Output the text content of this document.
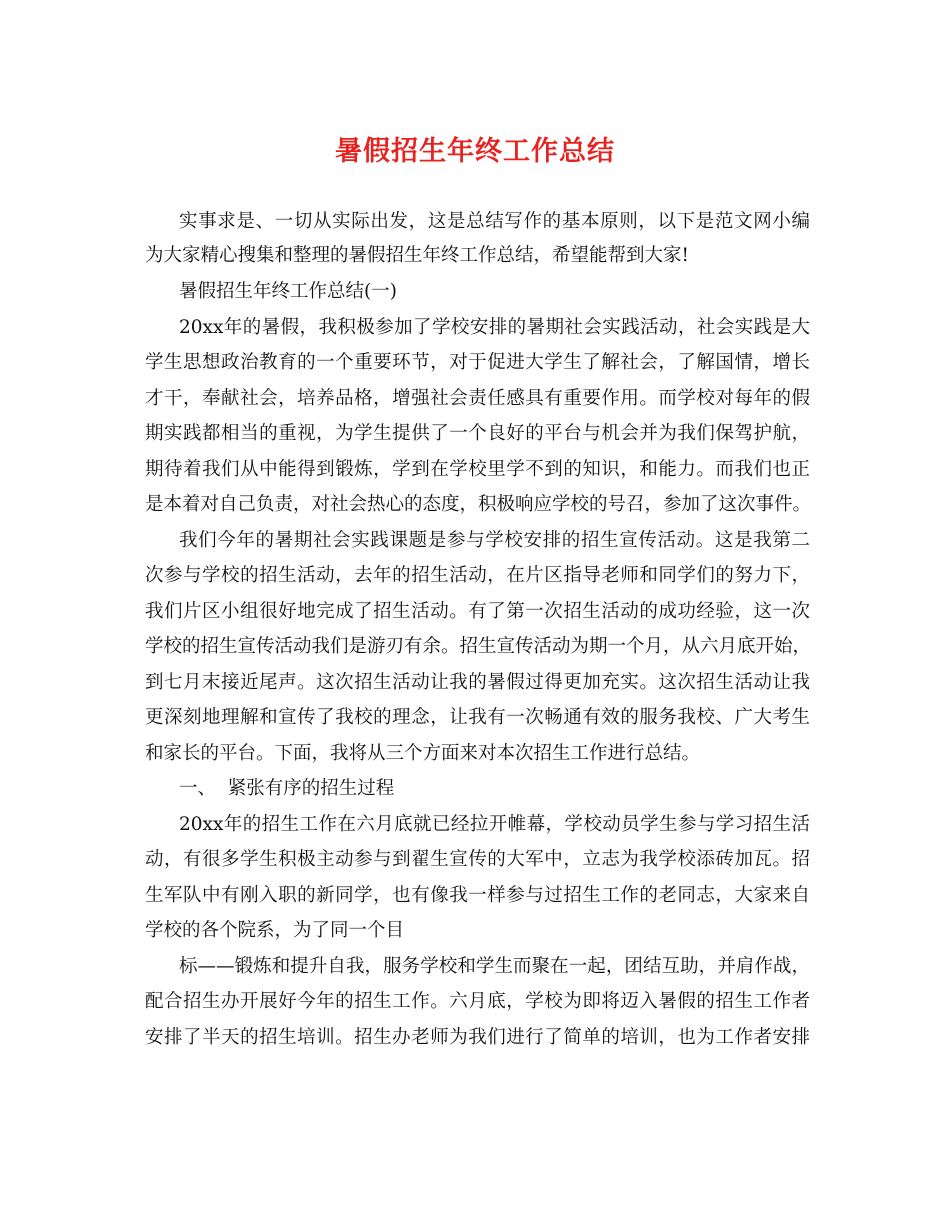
暑假招生年终工作总结

实事求是、一切从实际出发，这是总结写作的基本原则，以下是范文网小编

为大家精心搜集和整理的暑假招生年终工作总结，希望能帮到大家!

暑假招生年终工作总结(一)

20xx年的暑假，我积极参加了学校安排的暑期社会实践活动，社会实践是大

学生思想政治教育的一个重要环节，对于促进大学生了解社会，了解国情，增长

才干，奉献社会，培养品格，增强社会责任感具有重要作用。而学校对每年的假

期实践都相当的重视，为学生提供了一个良好的平台与机会并为我们保驾护航，

期待着我们从中能得到锻炼，学到在学校里学不到的知识，和能力。而我们也正

是本着对自己负责，对社会热心的态度，积极响应学校的号召，参加了这次事件。

我们今年的暑期社会实践课题是参与学校安排的招生宣传活动。这是我第二

次参与学校的招生活动，去年的招生活动，在片区指导老师和同学们的努力下，

我们片区小组很好地完成了招生活动。有了第一次招生活动的成功经验，这一次

学校的招生宣传活动我们是游刃有余。招生宣传活动为期一个月，从六月底开始，

到七月末接近尾声。这次招生活动让我的暑假过得更加充实。这次招生活动让我

更深刻地理解和宣传了我校的理念，让我有一次畅通有效的服务我校、广大考生

和家长的平台。下面，我将从三个方面来对本次招生工作进行总结。

一、  紧张有序的招生过程

20xx年的招生工作在六月底就已经拉开帷幕，学校动员学生参与学习招生活

动，有很多学生积极主动参与到翟生宣传的大军中，立志为我学校添砖加瓦。招

生军队中有刚入职的新同学，也有像我一样参与过招生工作的老同志，大家来自

学校的各个院系，为了同一个目

标——锻炼和提升自我，服务学校和学生而聚在一起，团结互助，并肩作战，

配合招生办开展好今年的招生工作。六月底，学校为即将迈入暑假的招生工作者

安排了半天的招生培训。招生办老师为我们进行了简单的培训，也为工作者安排
